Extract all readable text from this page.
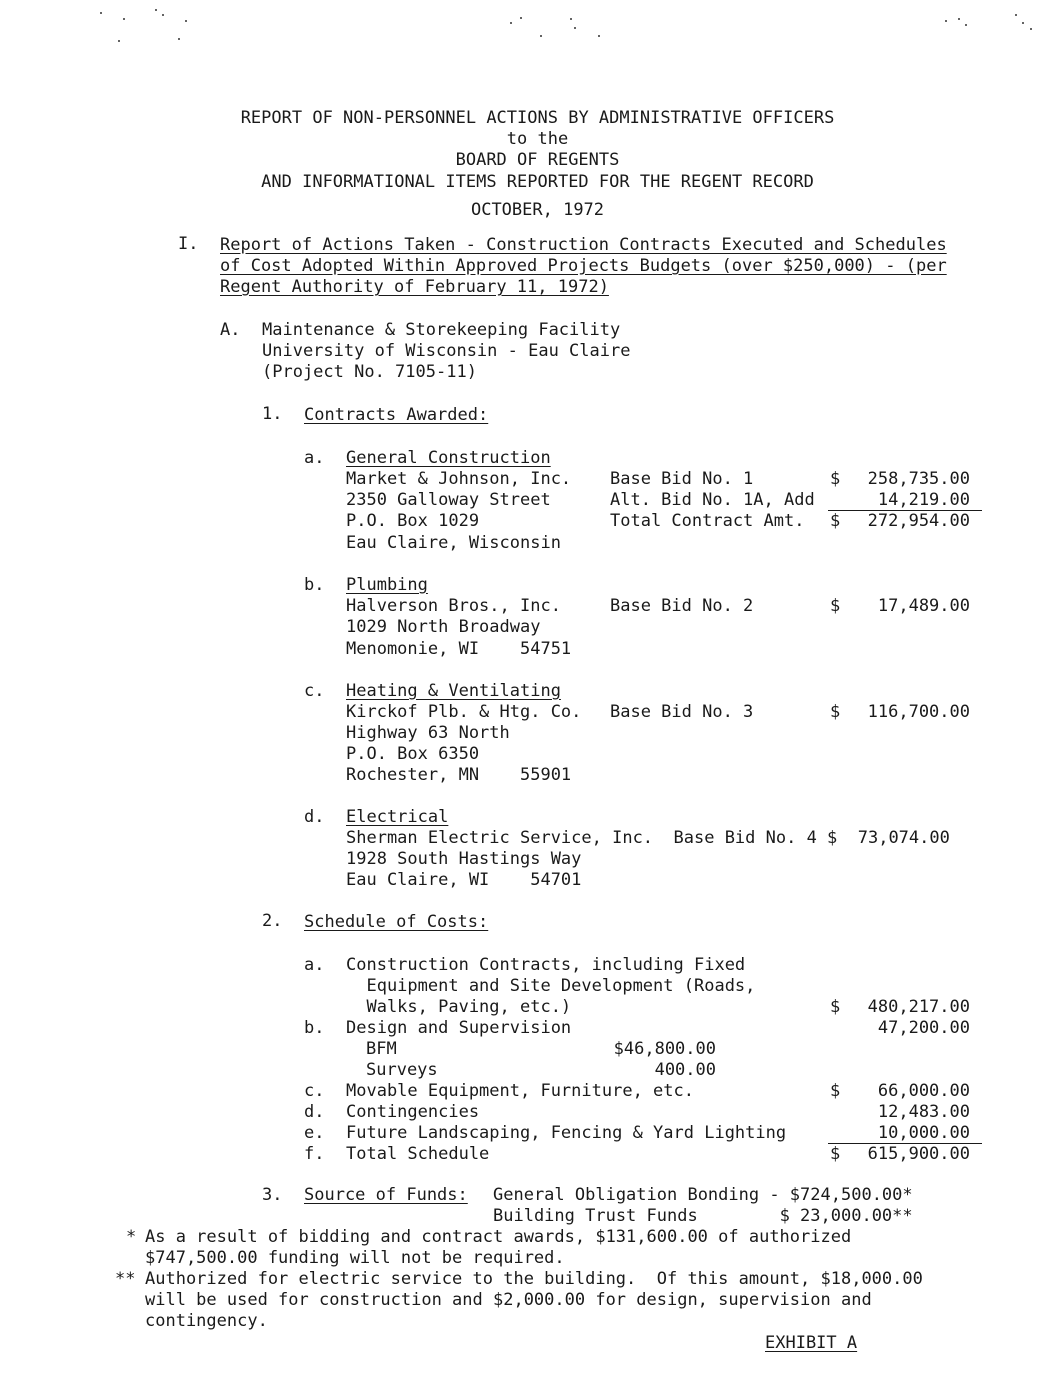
REPORT OF NON-PERSONNEL ACTIONS BY ADMINISTRATIVE OFFICERS
to the
BOARD OF REGENTS
AND INFORMATIONAL ITEMS REPORTED FOR THE REGENT RECORD
OCTOBER, 1972
I. Report of Actions Taken - Construction Contracts Executed and Schedules
of Cost Adopted Within Approved Projects Budgets (over $250,000) - (per
Regent Authority of February 11, 1972)
A. Maintenance & Storekeeping Facility
University of Wisconsin - Eau Claire
(Project No. 7105-11)
1. Contracts Awarded:
a. General Construction
Market & Johnson, Inc.
2350 Galloway Street
P.O. Box 1029
Eau Claire, Wisconsin
Base Bid No. 1	$	258,735.00
Alt. Bid No. 1A, Add	14,219.00
Total Contract Amt. $	272,954.00
b. Plumbing
Halverson Bros., Inc.
1029 North Broadway
Menomonie, WI    54751
Base Bid No. 2	$	17,489.00
c. Heating & Ventilating
Kirckof Plb. & Htg. Co.
Highway 63 North
P.O. Box 6350
Rochester, MN    55901
Base Bid No. 3	$	116,700.00
d. Electrical
Sherman Electric Service, Inc.  Base Bid No. 4 $  73,074.00
1928 South Hastings Way
Eau Claire, WI    54701
2. Schedule of Costs:
a. Construction Contracts, including Fixed
Equipment and Site Development (Roads,
Walks, Paving, etc.)	$	480,217.00
b. Design and Supervision	47,200.00
BFM	$46,800.00
Surveys	400.00
c. Movable Equipment, Furniture, etc.	$	66,000.00
d. Contingencies	12,483.00
e. Future Landscaping, Fencing & Yard Lighting	10,000.00
f. Total Schedule	$	615,900.00
3. Source of Funds: General Obligation Bonding - $724,500.00*
Building Trust Funds        $ 23,000.00**
* As a result of bidding and contract awards, $131,600.00 of authorized
$747,500.00 funding will not be required.
** Authorized for electric service to the building.  Of this amount, $18,000.00
will be used for construction and $2,000.00 for design, supervision and
contingency.
EXHIBIT A
